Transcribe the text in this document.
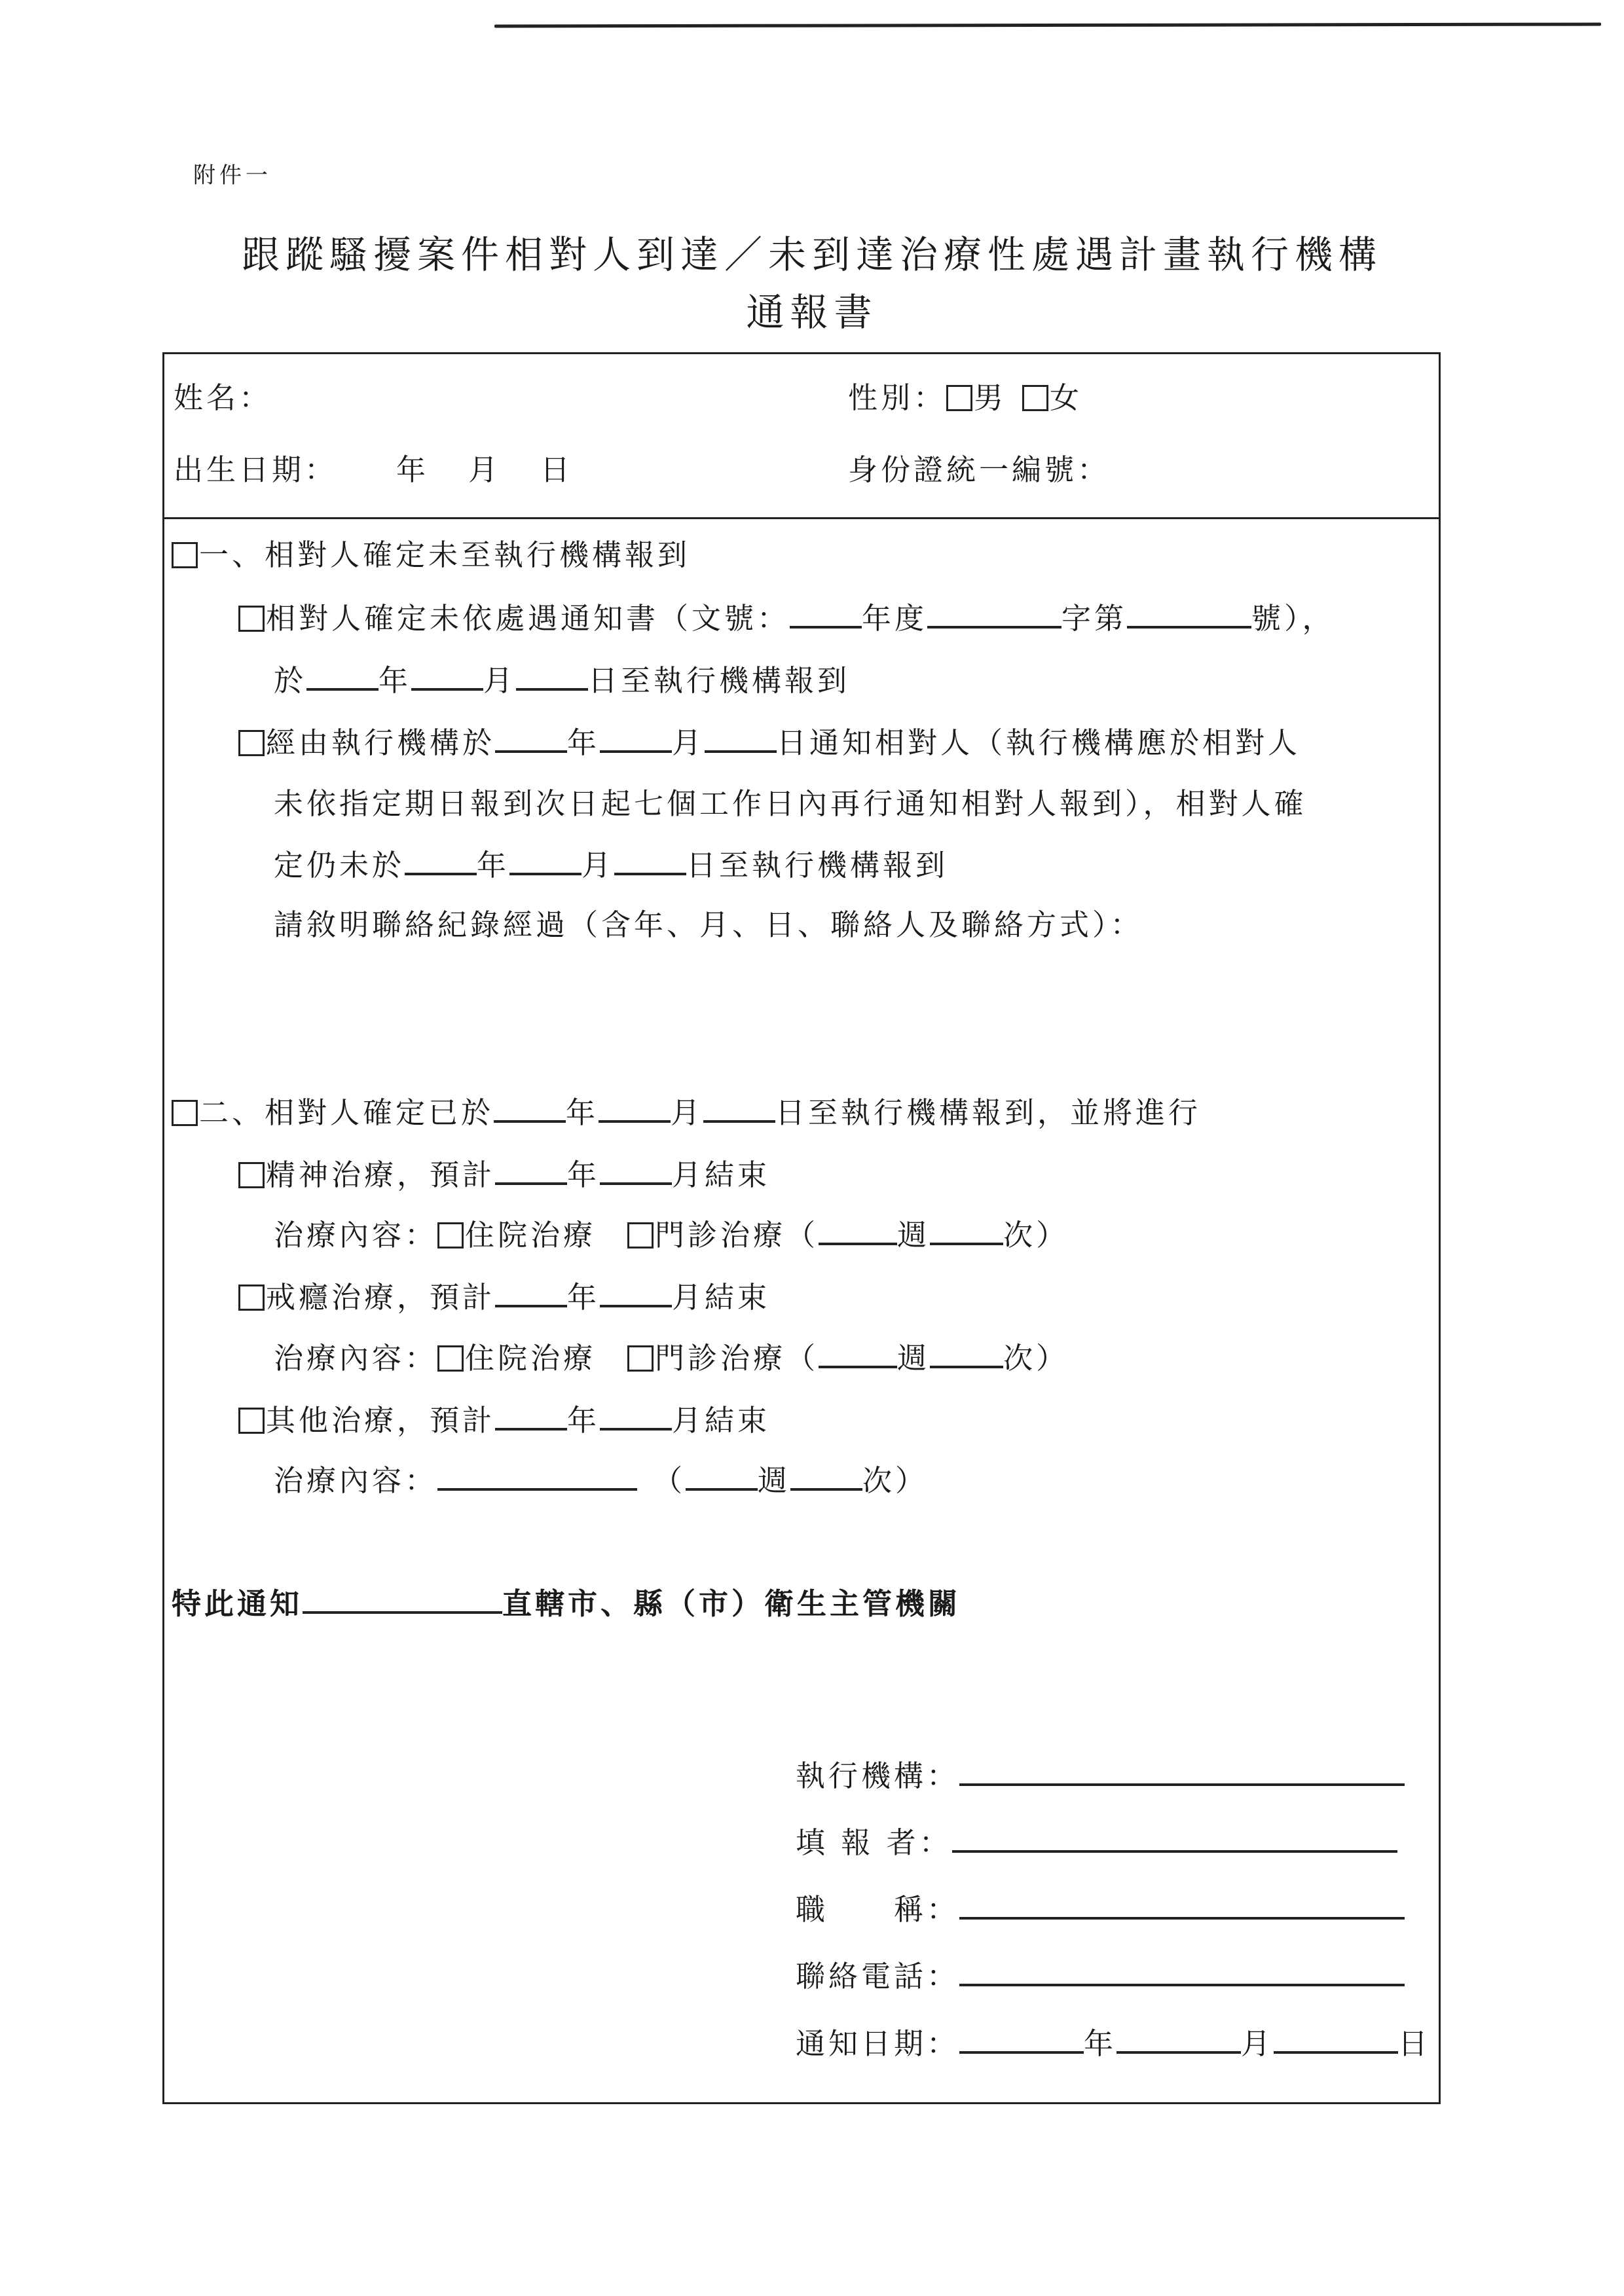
附件一
跟蹤騷擾案件相對人到達／未到達治療性處遇計畫執行機構
通報書
姓名：	性別： 男 女
出生日期： 年 月 日	身份證統一編號：
一、相對人確定未至執行機構報到
相對人確定未依處遇通知書（文號： 年度	字第	號），
於 年 月 日至執行機構報到
經由執行機構於 年 月 日通知相對人（執行機構應於相對人
未依指定期日報到次日起七個工作日內再行通知相對人報到），相對人確
定仍未於 年 月 日至執行機構報到
請敘明聯絡紀錄經過（含年、月、日、聯絡人及聯絡方式）：
二、相對人確定已於 年 月 日至執行機構報到，並將進行
精神治療，預計 年 月結束
治療內容： 住院治療 門診治療（	週 次）
戒癮治療，預計 年 月結束
治療內容： 住院治療 門診治療（	週 次）
其他治療，預計 年 月結束
治療內容：	（ 週 次）
特此通知	直轄市、縣（市）衛生主管機關
執行機構：
填 報 者：
職　　稱：
聯絡電話：
通知日期：	年	月	日
